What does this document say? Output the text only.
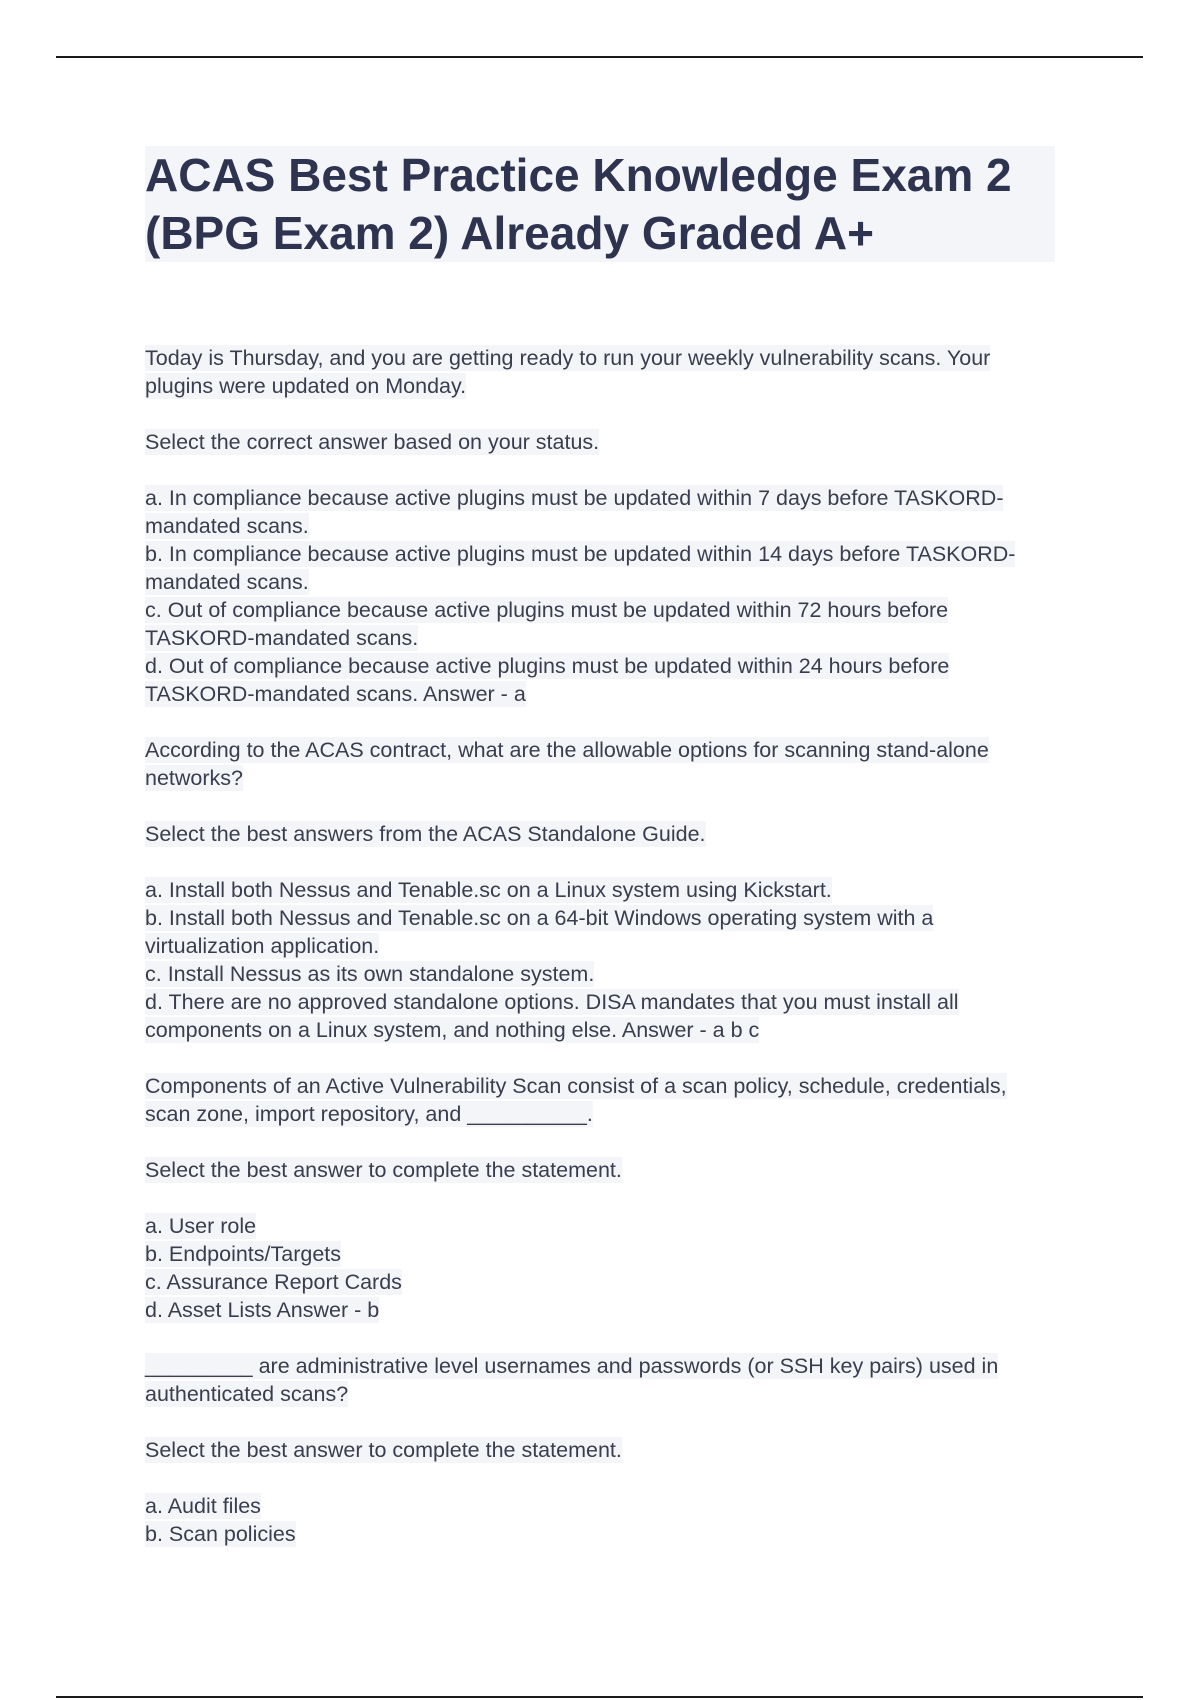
ACAS Best Practice Knowledge Exam 2 (BPG Exam 2) Already Graded A+

Today is Thursday, and you are getting ready to run your weekly vulnerability scans. Your plugins were updated on Monday.

Select the correct answer based on your status.

a. In compliance because active plugins must be updated within 7 days before TASKORD-mandated scans.
b. In compliance because active plugins must be updated within 14 days before TASKORD-mandated scans.
c. Out of compliance because active plugins must be updated within 72 hours before TASKORD-mandated scans.
d. Out of compliance because active plugins must be updated within 24 hours before TASKORD-mandated scans. Answer - a

According to the ACAS contract, what are the allowable options for scanning stand-alone networks?

Select the best answers from the ACAS Standalone Guide.

a. Install both Nessus and Tenable.sc on a Linux system using Kickstart.
b. Install both Nessus and Tenable.sc on a 64-bit Windows operating system with a virtualization application.
c. Install Nessus as its own standalone system.
d. There are no approved standalone options. DISA mandates that you must install all components on a Linux system, and nothing else. Answer - a b c

Components of an Active Vulnerability Scan consist of a scan policy, schedule, credentials, scan zone, import repository, and __________.

Select the best answer to complete the statement.

a. User role
b. Endpoints/Targets
c. Assurance Report Cards
d. Asset Lists Answer - b

_________ are administrative level usernames and passwords (or SSH key pairs) used in authenticated scans?

Select the best answer to complete the statement.

a. Audit files
b. Scan policies
